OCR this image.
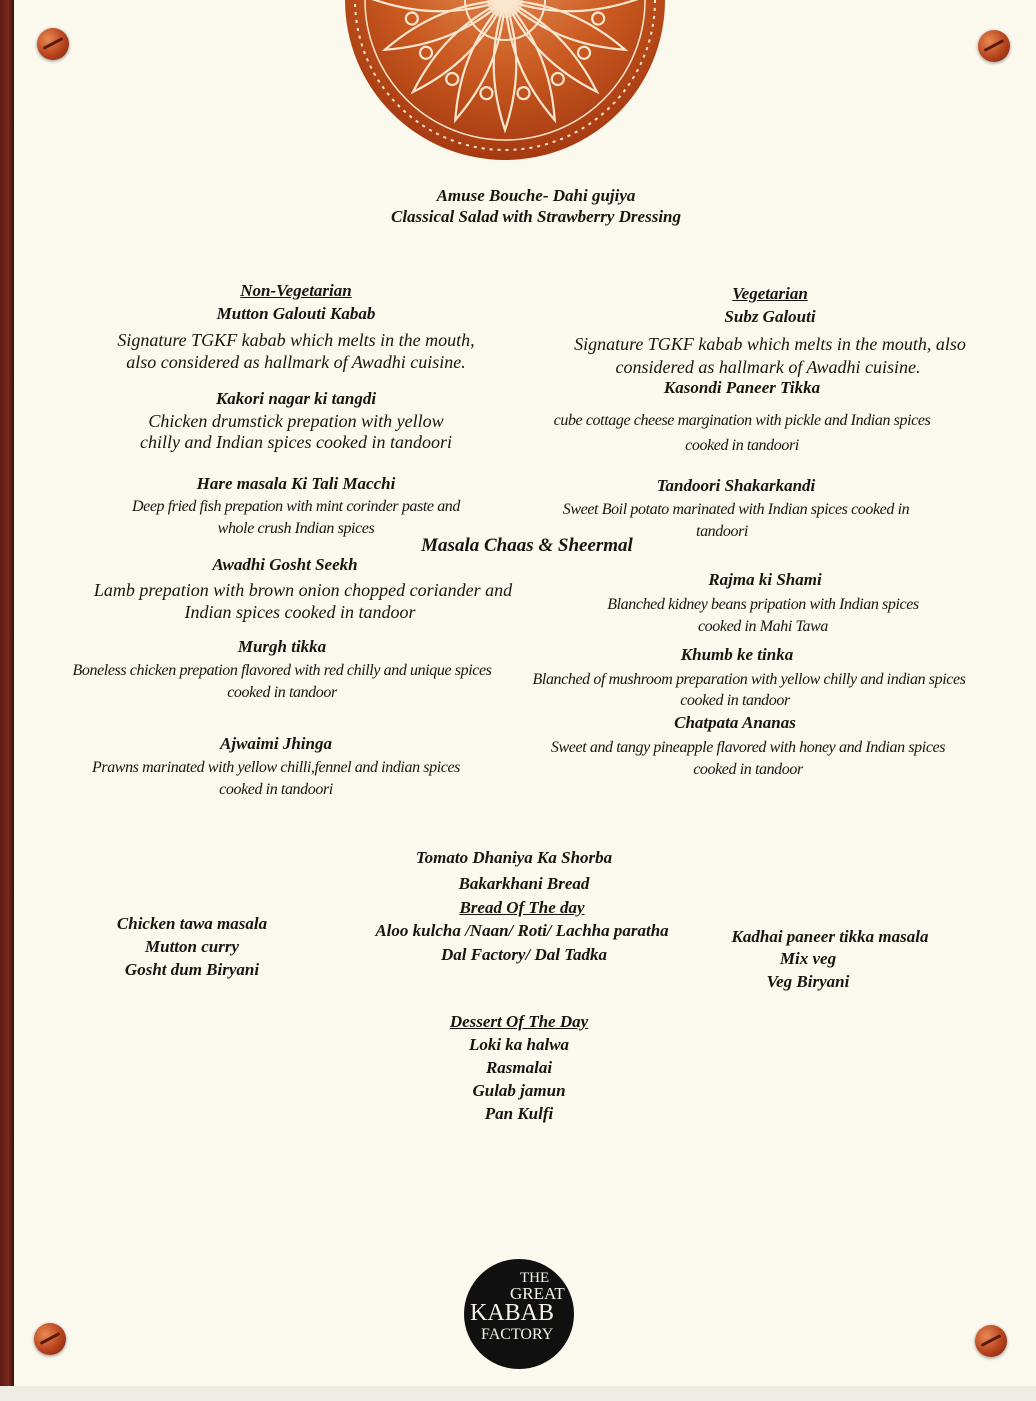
Amuse Bouche- Dahi gujiya
Classical Salad with Strawberry Dressing
Non-Vegetarian
Mutton Galouti Kabab
Signature TGKF kabab which melts in the mouth,
also considered as hallmark of Awadhi cuisine.
Kakori nagar ki tangdi
Chicken drumstick prepation with yellow
chilly and Indian spices cooked in tandoori
Hare masala Ki Tali Macchi
Deep fried fish prepation with mint corinder paste and
whole crush Indian spices
Awadhi Gosht Seekh
Lamb prepation with brown onion chopped coriander and
Indian spices cooked in tandoor
Murgh tikka
Boneless chicken prepation flavored with red chilly and unique spices
cooked in tandoor
Ajwaimi Jhinga
Prawns marinated with yellow chilli,fennel and indian spices
cooked in tandoori
Vegetarian
Subz Galouti
Signature TGKF kabab which melts in the mouth, also
considered as hallmark of Awadhi cuisine.
Kasondi Paneer Tikka
cube cottage cheese margination with pickle and Indian spices
cooked in tandoori
Tandoori Shakarkandi
Sweet Boil potato marinated with Indian spices cooked in
tandoori
Rajma ki Shami
Blanched kidney beans pripation with Indian spices
cooked in Mahi Tawa
Khumb ke tinka
Blanched of mushroom preparation with yellow chilly and indian spices
cooked in tandoor
Chatpata Ananas
Sweet and tangy pineapple flavored with honey and Indian spices
cooked in tandoor
Masala Chaas & Sheermal
Tomato Dhaniya Ka Shorba
Bakarkhani Bread
Bread Of The day
Aloo kulcha /Naan/ Roti/ Lachha paratha
Dal Factory/ Dal Tadka
Chicken tawa masala
Mutton curry
Gosht dum Biryani
Kadhai paneer tikka masala
Mix veg
Veg Biryani
Dessert Of The Day
Loki ka halwa
Rasmalai
Gulab jamun
Pan Kulfi
THE
GREAT
KABAB
FACTORY
